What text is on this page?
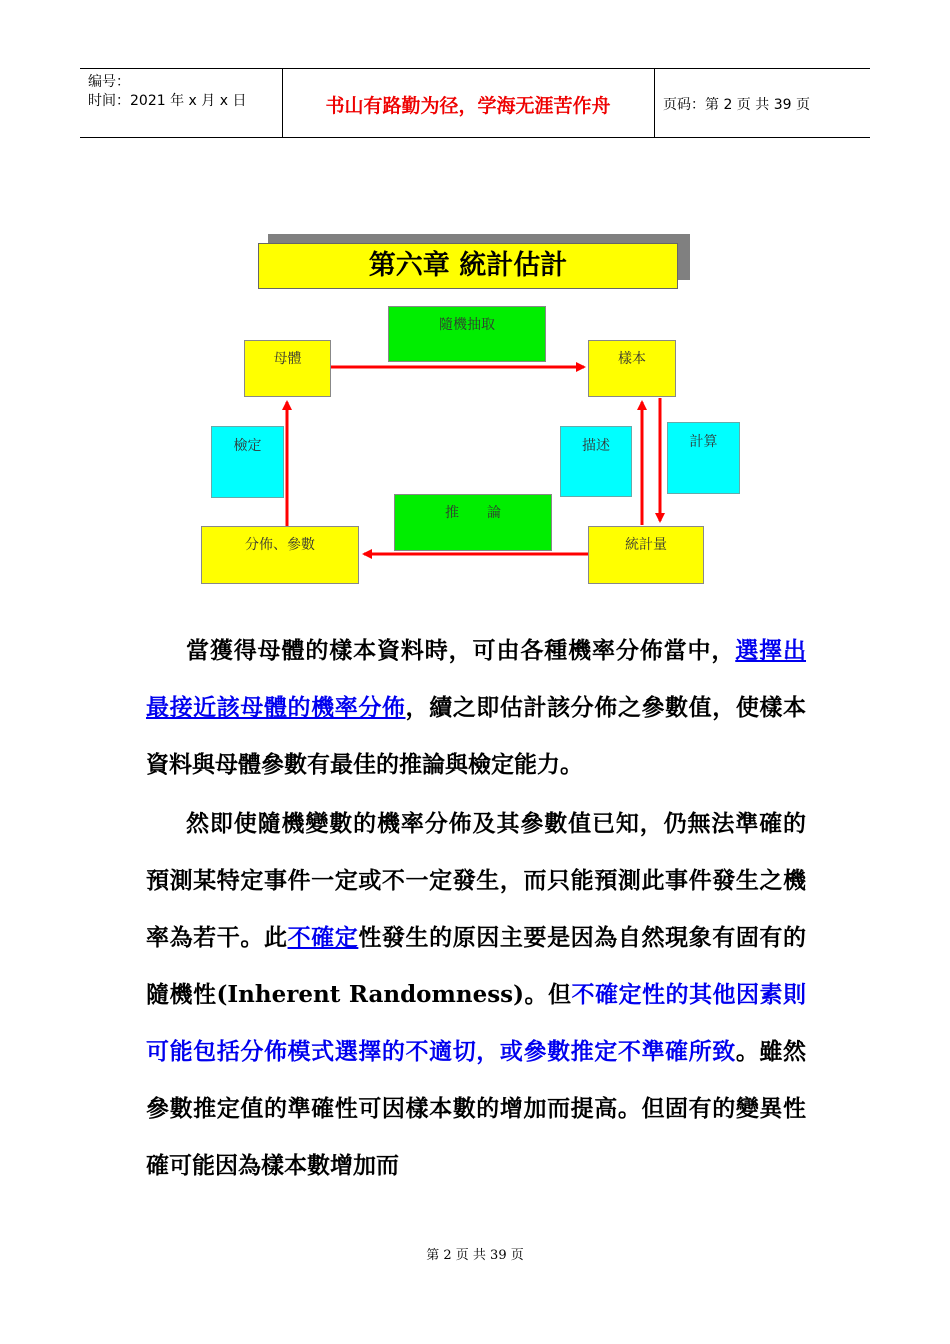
编号：
时间：2021 年 x 月 x 日	书山有路勤为径，学海无涯苦作舟	页码：第 2 页 共 39 页
第六章 統計估計
隨機抽取
母體	樣本
檢定	描述	計算
推　　論
分佈、參數	統計量
當獲得母體的樣本資料時，可由各種機率分佈當中，選擇出最接近該母體的機率分佈，續之即估計該分佈之參數值，使樣本資料與母體參數有最佳的推論與檢定能力。
然即使隨機變數的機率分佈及其參數值已知，仍無法準確的預測某特定事件一定或不一定發生，而只能預測此事件發生之機率為若干。此不確定性發生的原因主要是因為自然現象有固有的隨機性(Inherent Randomness)。但不確定性的其他因素則可能包括分佈模式選擇的不適切，或參數推定不準確所致。雖然參數推定值的準確性可因樣本數的增加而提高。但固有的變異性確可能因為樣本數增加而
第 2 页 共 39 页
